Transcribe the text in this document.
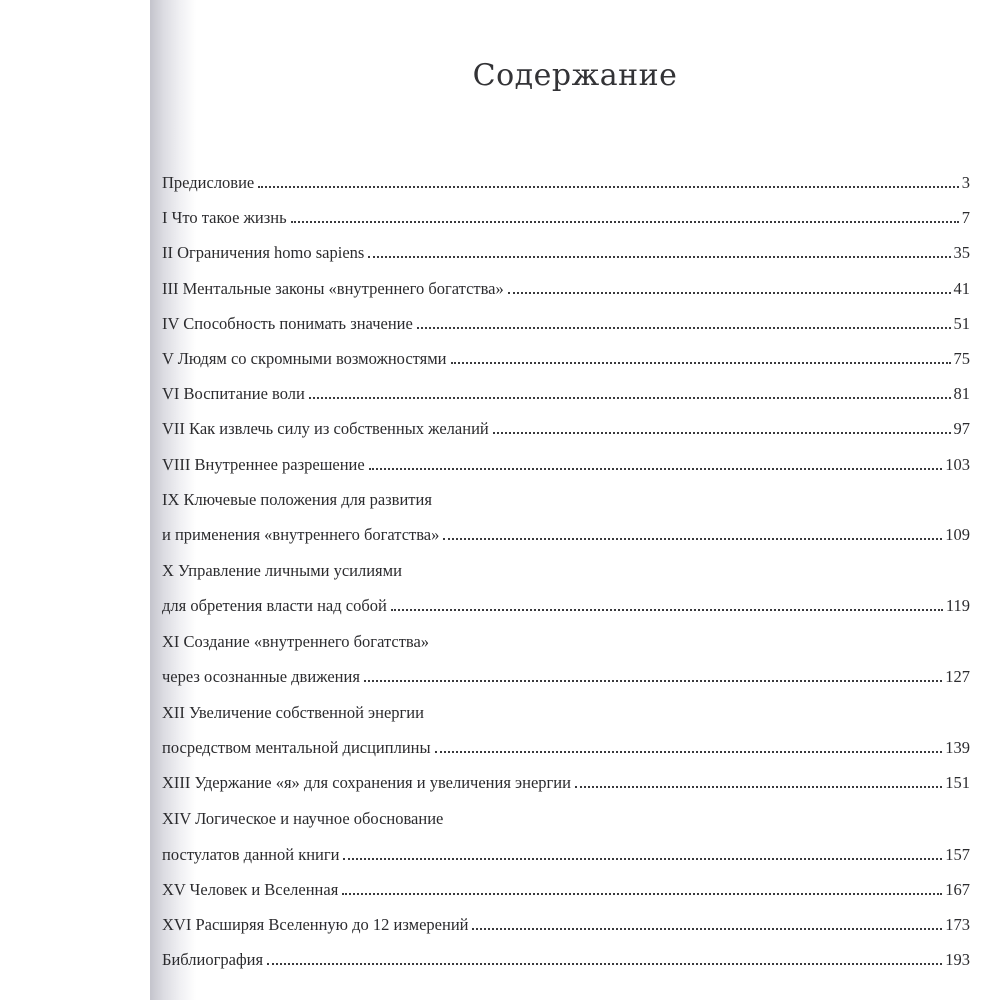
Содержание
Предисловие	3
I Что такое жизнь	7
II Ограничения homo sapiens	35
III Ментальные законы «внутреннего богатства»	41
IV Способность понимать значение	51
V Людям со скромными возможностями	75
VI Воспитание воли	81
VII Как извлечь силу из собственных желаний	97
VIII Внутреннее разрешение	103
IX Ключевые положения для развития
и применения «внутреннего богатства»	109
X Управление личными усилиями
для обретения власти над собой	119
XI Создание «внутреннего богатства»
через осознанные движения	127
XII Увеличение собственной энергии
посредством ментальной дисциплины	139
XIII Удержание «я» для сохранения и увеличения энергии	151
XIV Логическое и научное обоснование
постулатов данной книги	157
XV Человек и Вселенная	167
XVI Расширяя Вселенную до 12 измерений	173
Библиография	193
